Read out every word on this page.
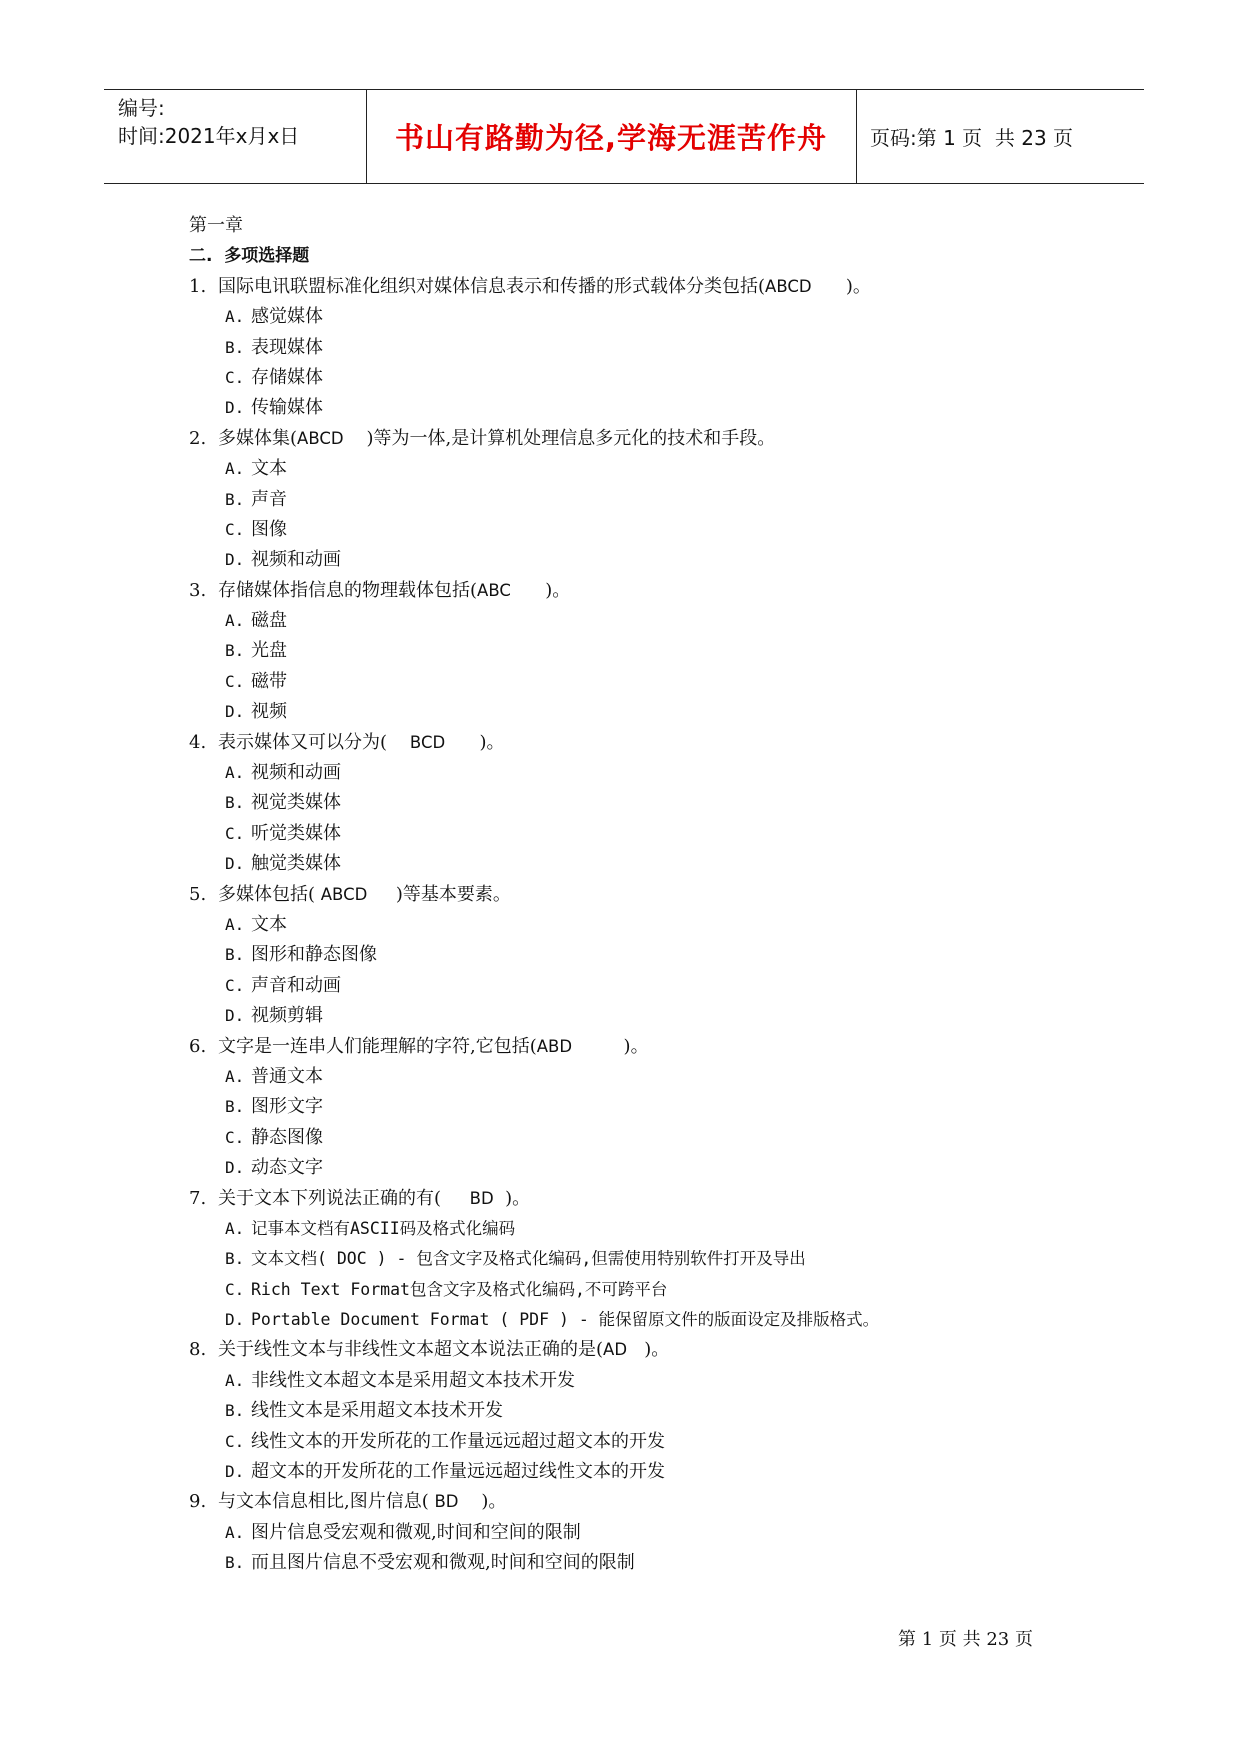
编号:
时间:2021年x月x日	书山有路勤为径,学海无涯苦作舟 页码:第 1 页  共 23 页
第一章
二.  多项选择题
1. 国际电讯联盟标准化组织对媒体信息表示和传播的形式载体分类包括(ABCD      )。
A. 感觉媒体
B. 表现媒体
C. 存储媒体
D. 传输媒体
2. 多媒体集(ABCD    )等为一体,是计算机处理信息多元化的技术和手段。
A. 文本
B. 声音
C. 图像
D. 视频和动画
3. 存储媒体指信息的物理载体包括(ABC      )。
A. 磁盘
B. 光盘
C. 磁带
D. 视频
4. 表示媒体又可以分为(    BCD      )。
A. 视频和动画
B. 视觉类媒体
C. 听觉类媒体
D. 触觉类媒体
5. 多媒体包括( ABCD     )等基本要素。
A. 文本
B. 图形和静态图像
C. 声音和动画
D. 视频剪辑
6. 文字是一连串人们能理解的字符,它包括(ABD         )。
A. 普通文本
B. 图形文字
C. 静态图像
D. 动态文字
7. 关于文本下列说法正确的有(     BD  )。
A. 记事本文档有ASCII码及格式化编码
B. 文本文档( DOC ) - 包含文字及格式化编码,但需使用特别软件打开及导出
C. Rich Text Format包含文字及格式化编码,不可跨平台
D. Portable Document Format ( PDF ) - 能保留原文件的版面设定及排版格式。
8. 关于线性文本与非线性文本超文本说法正确的是(AD   )。
A. 非线性文本超文本是采用超文本技术开发
B. 线性文本是采用超文本技术开发
C. 线性文本的开发所花的工作量远远超过超文本的开发
D. 超文本的开发所花的工作量远远超过线性文本的开发
9. 与文本信息相比,图片信息( BD    )。
A. 图片信息受宏观和微观,时间和空间的限制
B. 而且图片信息不受宏观和微观,时间和空间的限制
第 1 页 共 23 页
